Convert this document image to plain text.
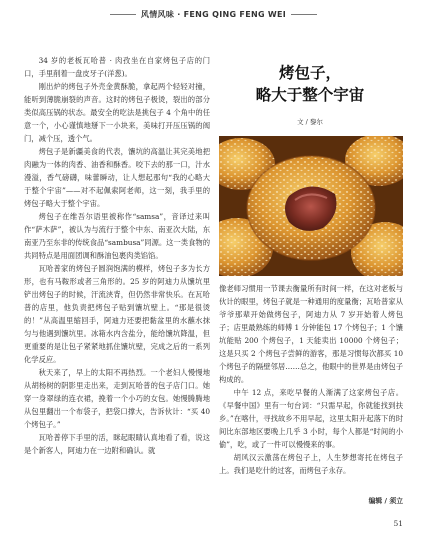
风情风味 · FENG QING FENG WEI

34 岁的老板瓦哈普 · 肉孜坐在自家烤包子店的门口，手里削着一盘皮牙子(洋葱)。

刚出炉的烤包子外壳金黄酥脆，拿起两个轻轻对撞，能听到薄脆崩裂的声音。这时的烤包子极烫，裂出的部分类似高压锅的状态。最安全的吃法是挑包子 4 个角中的任意一个，小心谨慎地掰下一小块来，美味打开压压锅的阀门，减个压，透个气。

烤包子是新疆美食的代表，馕坑的高温让其完美地把肉融为一体的肉香、油香和酥香。咬下去的那一口，汁水漫溢，香气磅礴，味蕾瞬动，让人想起那句“我的心略大于整个宇宙”——对不起佩索阿老师，这一刻，我手里的烤包子略大于整个宇宙。

烤包子在维吾尔语里被称作“samsa”，音译过来叫作“萨木萨”，被认为与流行于整个中东、南亚次大陆，东南亚乃至东非的传统食品“sambusa”同源。这一类食物的共同特点是用面团调和酥油包裹肉类馅馅。

瓦哈普家的烤包子圆润饱满的模样，烤包子多为长方形，也有马鞍形或者三角形的。25 岁的阿迪力从馕坑里铲出烤包子的时候，汗流浃背，但仍然非常快乐。在瓦哈普的店里，他负责把烤包子贴到馕坑壁上。“那是很烫的！”从高温里缩回手，阿迪力还要把黏盆里的水蘸水抹匀与他遇到馕坑里。冰箱水内含盐分，能给馕坑降温，但更重要的是让包子紧紧地抓住馕坑壁，完成之后的一系列化学反应。

秋天来了，早上的太阳不再热烈。一个老妇人慢慢地从胡杨树的阴影里走出来，走到瓦哈普的包子店门口。她穿一身翠绿的连衣裙，挽着一个小巧的女包。她慢腾腾地从包里翻出一个布袋子，把袋口撑大，告诉伙计：“买 40 个烤包子。”

瓦哈普停下手里的活，眯起眼睛认真地看了看，说这是个新客人，阿迪力在一边附和确认。就

烤包子，
略大于整个宇宙
文 / 黎尔

像老师习惯用一节课去衡量所有时间一样，在这对老板与伙计的眼里，烤包子就是一种通用的度量衡；瓦哈普家从爷爷那辈开始做烤包子，阿迪力从 7 岁开始着人烤包子；店里最熟练的师傅 1 分钟能包 17 个烤包子；1 个馕坑能贴 200 个烤包子，1 天能卖出 10000 个烤包子；这是只买 2 个烤包子尝鲜的游客，那是习惯每次都买 10 个烤包子的隔壁邻居……总之，他眼中的世界是由烤包子构成的。

中午 12 点，来吃早餐的人渐满了这家烤包子店。《早餐中国》里有一句台词：“只需早起，你就能找到扶乡。”在喀什，寻找故乡不用早起，这里太阳升起落下的时间比东部地区要晚上几乎 3 小时，每个人都是“时间的小偷”，吃，或了一件可以慢慢来的事。

胡风汉云激荡在烤包子上，人生梦想寄托在烤包子上。我们是吃什的过客，而烤包子永存。

编辑 / 须立
51
